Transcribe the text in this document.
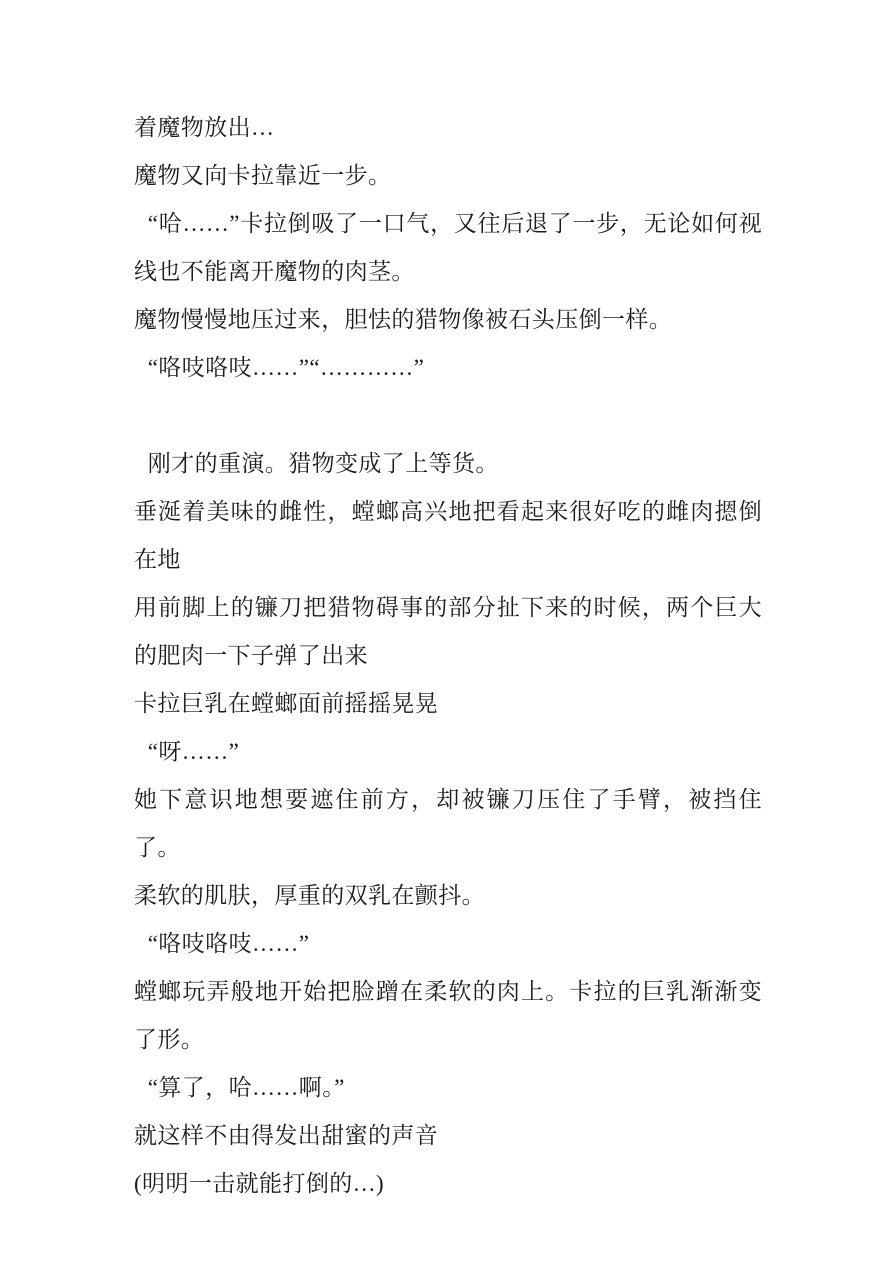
着魔物放出…

魔物又向卡拉靠近一步。

“哈……”卡拉倒吸了一口气，又往后退了一步，无论如何视线也不能离开魔物的肉茎。

魔物慢慢地压过来，胆怯的猎物像被石头压倒一样。

“咯吱咯吱……”“…………”

刚才的重演。猎物变成了上等货。

垂涎着美味的雌性，螳螂高兴地把看起来很好吃的雌肉摁倒在地

用前脚上的镰刀把猎物碍事的部分扯下来的时候，两个巨大的肥肉一下子弹了出来

卡拉巨乳在螳螂面前摇摇晃晃

“呀……”

她下意识地想要遮住前方，却被镰刀压住了手臂，被挡住了。

柔软的肌肤，厚重的双乳在颤抖。

“咯吱咯吱……”

螳螂玩弄般地开始把脸蹭在柔软的肉上。卡拉的巨乳渐渐变了形。

“算了，哈……啊。”

就这样不由得发出甜蜜的声音

(明明一击就能打倒的…)
